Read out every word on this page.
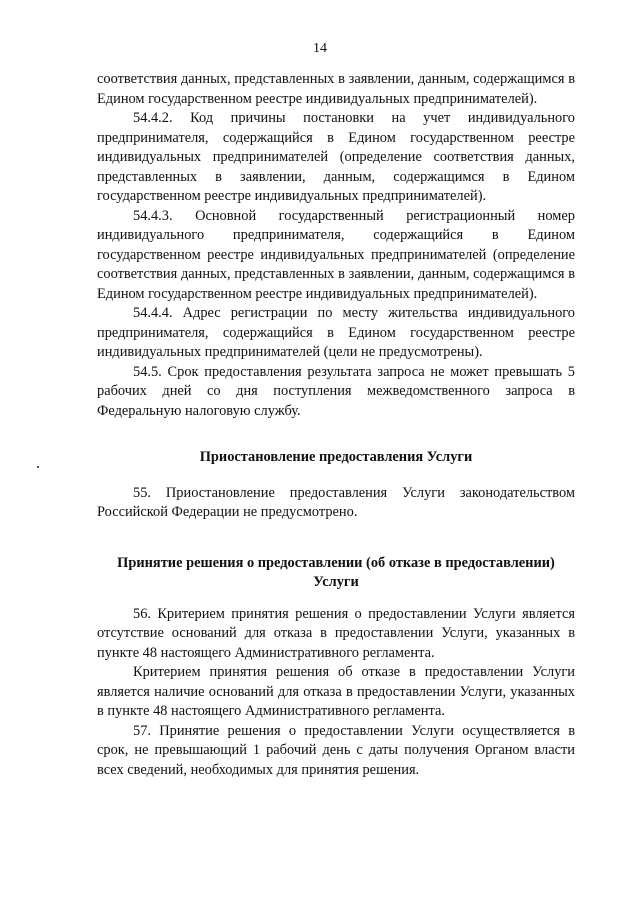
14

соответствия данных, представленных в заявлении, данным, содержащимся в Едином государственном реестре индивидуальных предпринимателей).

54.4.2. Код причины постановки на учет индивидуального предпринимателя, содержащийся в Едином государственном реестре индивидуальных предпринимателей (определение соответствия данных, представленных в заявлении, данным, содержащимся в Едином государственном реестре индивидуальных предпринимателей).

54.4.3. Основной государственный регистрационный номер индивидуального предпринимателя, содержащийся в Едином государственном реестре индивидуальных предпринимателей (определение соответствия данных, представленных в заявлении, данным, содержащимся в Едином государственном реестре индивидуальных предпринимателей).

54.4.4. Адрес регистрации по месту жительства индивидуального предпринимателя, содержащийся в Едином государственном реестре индивидуальных предпринимателей (цели не предусмотрены).

54.5. Срок предоставления результата запроса не может превышать 5 рабочих дней со дня поступления межведомственного запроса в Федеральную налоговую службу.

Приостановление предоставления Услуги

55. Приостановление предоставления Услуги законодательством Российской Федерации не предусмотрено.

Принятие решения о предоставлении (об отказе в предоставлении)
Услуги

56. Критерием принятия решения о предоставлении Услуги является отсутствие оснований для отказа в предоставлении Услуги, указанных в пункте 48 настоящего Административного регламента.

Критерием принятия решения об отказе в предоставлении Услуги является наличие оснований для отказа в предоставлении Услуги, указанных в пункте 48 настоящего Административного регламента.

57. Принятие решения о предоставлении Услуги осуществляется в срок, не превышающий 1 рабочий день с даты получения Органом власти всех сведений, необходимых для принятия решения.
